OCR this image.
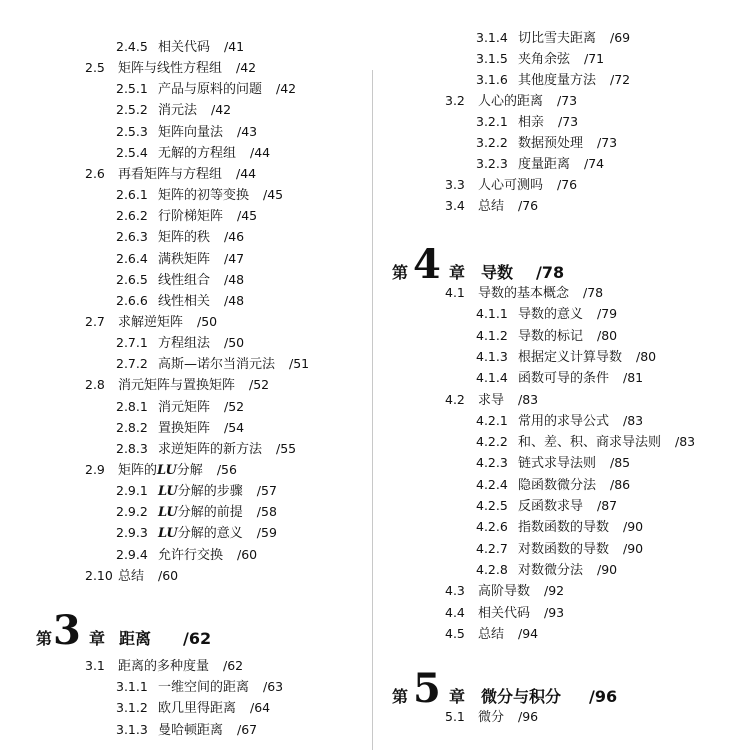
2.4.5 相关代码 /41
2.5 矩阵与线性方程组 /42
2.5.1 产品与原料的问题 /42
2.5.2 消元法 /42
2.5.3 矩阵向量法 /43
2.5.4 无解的方程组 /44
2.6 再看矩阵与方程组 /44
2.6.1 矩阵的初等变换 /45
2.6.2 行阶梯矩阵 /45
2.6.3 矩阵的秩 /46
2.6.4 满秩矩阵 /47
2.6.5 线性组合 /48
2.6.6 线性相关 /48
2.7 求解逆矩阵 /50
2.7.1 方程组法 /50
2.7.2 高斯—诺尔当消元法 /51
2.8 消元矩阵与置换矩阵 /52
2.8.1 消元矩阵 /52
2.8.2 置换矩阵 /54
2.8.3 求逆矩阵的新方法 /55
2.9 矩阵的LU分解 /56
2.9.1 LU分解的步骤 /57
2.9.2 LU分解的前提 /58
2.9.3 LU分解的意义 /59
2.9.4 允许行交换 /60
2.10 总结 /60
第 3 章 距离 /62
3.1 距离的多种度量 /62
3.1.1 一维空间的距离 /63
3.1.2 欧几里得距离 /64
3.1.3 曼哈顿距离 /67
3.1.4 切比雪夫距离 /69
3.1.5 夹角余弦 /71
3.1.6 其他度量方法 /72
3.2 人心的距离 /73
3.2.1 相亲 /73
3.2.2 数据预处理 /73
3.2.3 度量距离 /74
3.3 人心可测吗 /76
3.4 总结 /76
第 4 章 导数 /78
4.1 导数的基本概念 /78
4.1.1 导数的意义 /79
4.1.2 导数的标记 /80
4.1.3 根据定义计算导数 /80
4.1.4 函数可导的条件 /81
4.2 求导 /83
4.2.1 常用的求导公式 /83
4.2.2 和、差、积、商求导法则 /83
4.2.3 链式求导法则 /85
4.2.4 隐函数微分法 /86
4.2.5 反函数求导 /87
4.2.6 指数函数的导数 /90
4.2.7 对数函数的导数 /90
4.2.8 对数微分法 /90
4.3 高阶导数 /92
4.4 相关代码 /93
4.5 总结 /94
第 5 章 微分与积分 /96
5.1 微分 /96
